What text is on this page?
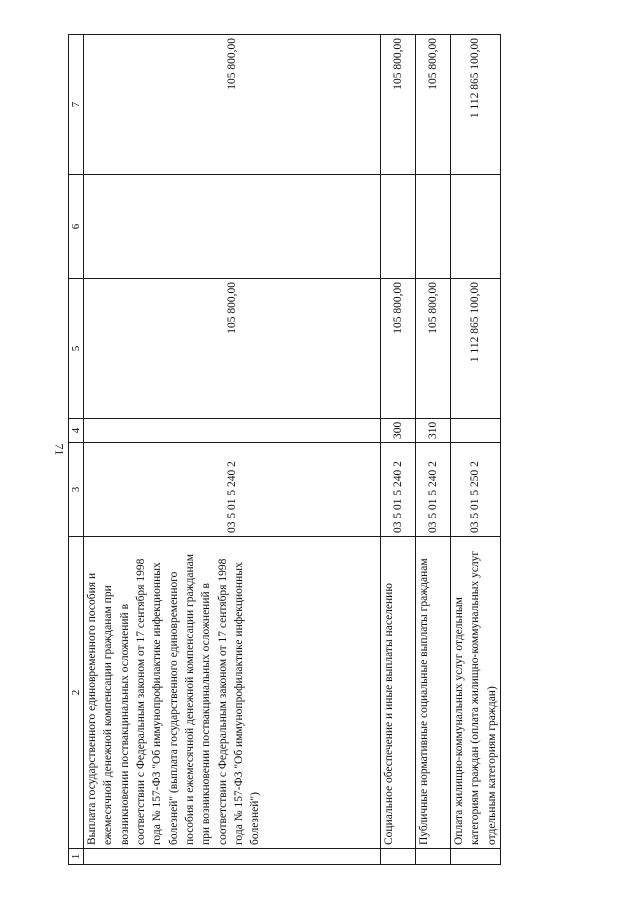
71
1	2	3	4	5	6	7
	Выплата государственного единовременного пособия и ежемесячной денежной компенсации гражданам при возникновении поствакцинальных осложнений в соответствии с Федеральным законом от 17 сентября 1998 года № 157-ФЗ "Об иммунопрофилактике инфекционных болезней" (выплата государственного единовременного пособия и ежемесячной денежной компенсации гражданам при возникновении поствакцинальных осложнений в соответствии с Федеральным законом от 17 сентября 1998 года № 157-ФЗ "Об иммунопрофилактике инфекционных болезней")	03 5 01 5 240 2		105 800,00		105 800,00
	Социальное обеспечение и иные выплаты населению	03 5 01 5 240 2	300	105 800,00		105 800,00
	Публичные нормативные социальные выплаты гражданам	03 5 01 5 240 2	310	105 800,00		105 800,00
	Оплата жилищно-коммунальных услуг отдельным категориям граждан (оплата жилищно-коммунальных услуг отдельным категориям граждан)	03 5 01 5 250 2		1 112 865 100,00		1 112 865 100,00
